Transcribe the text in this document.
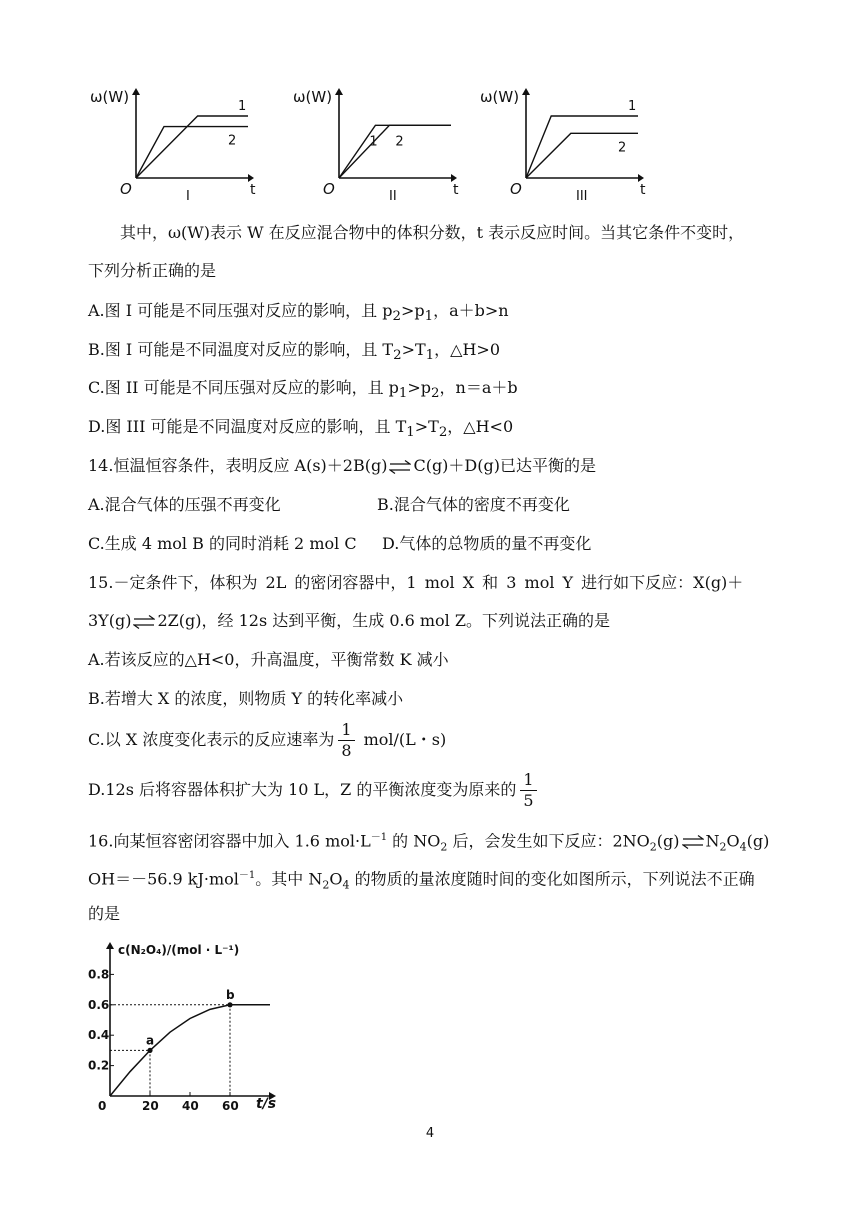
ω(W)
t
O	I
1
2
ω(W)
t
O	II
1 2
ω(W)
t
O	III
1
2
其中，ω(W)表示 W 在反应混合物中的体积分数，t 表示反应时间。当其它条件不变时，
下列分析正确的是
A.图 I 可能是不同压强对反应的影响，且 $p_2>p_1$，a＋b>n
B.图 I 可能是不同温度对反应的影响，且 $T_2>T_1$，△H>0
C.图 II 可能是不同压强对反应的影响，且 $p_1>p_2$，n＝a＋b
D.图 III 可能是不同温度对反应的影响，且 $T_1>T_2$，△H<0
14.恒温恒容条件，表明反应 A(s)＋2B(g) ⇌ C(g)＋D(g)已达平衡的是
A.混合气体的压强不再变化	B.混合气体的密度不再变化
C.生成 4 mol B 的同时消耗 2 mol C D.气体的总物质的量不再变化
15.－定条件下，体积为 2L 的密闭容器中，1 mol X 和 3 mol Y 进行如下反应：X(g)＋
3Y(g) ⇌ 2Z(g)，经 12s 达到平衡，生成 0.6 mol Z。下列说法正确的是
A.若该反应的△H<0，升高温度，平衡常数 K 减小
B.若增大 X 的浓度，则物质 Y 的转化率减小
C.以 X 浓度变化表示的反应速率为 $\frac{1}{8} mol/(L$・s)
D.12s 后将容器体积扩大为 10 L，Z 的平衡浓度变为原来的 $\frac{1}{5}$
16.向某恒容密闭容器中加入 1.6 $mol\cdot L^{-1}$ 的 $NO_2$ 后，会发生如下反应：$2NO_2(g)$ ⇌ $N_2O_4(g)$
OH＝－56.9 kJ·mol$^{-1}$。其中 $N_2O_4$ 的物质的量浓度随时间的变化如图所示，下列说法不正确
的是
c(N₂O₄)/(mol · L⁻¹)
t/s
0.8
0.6
0.4
0.2
0	20 40 60
a
b
4
